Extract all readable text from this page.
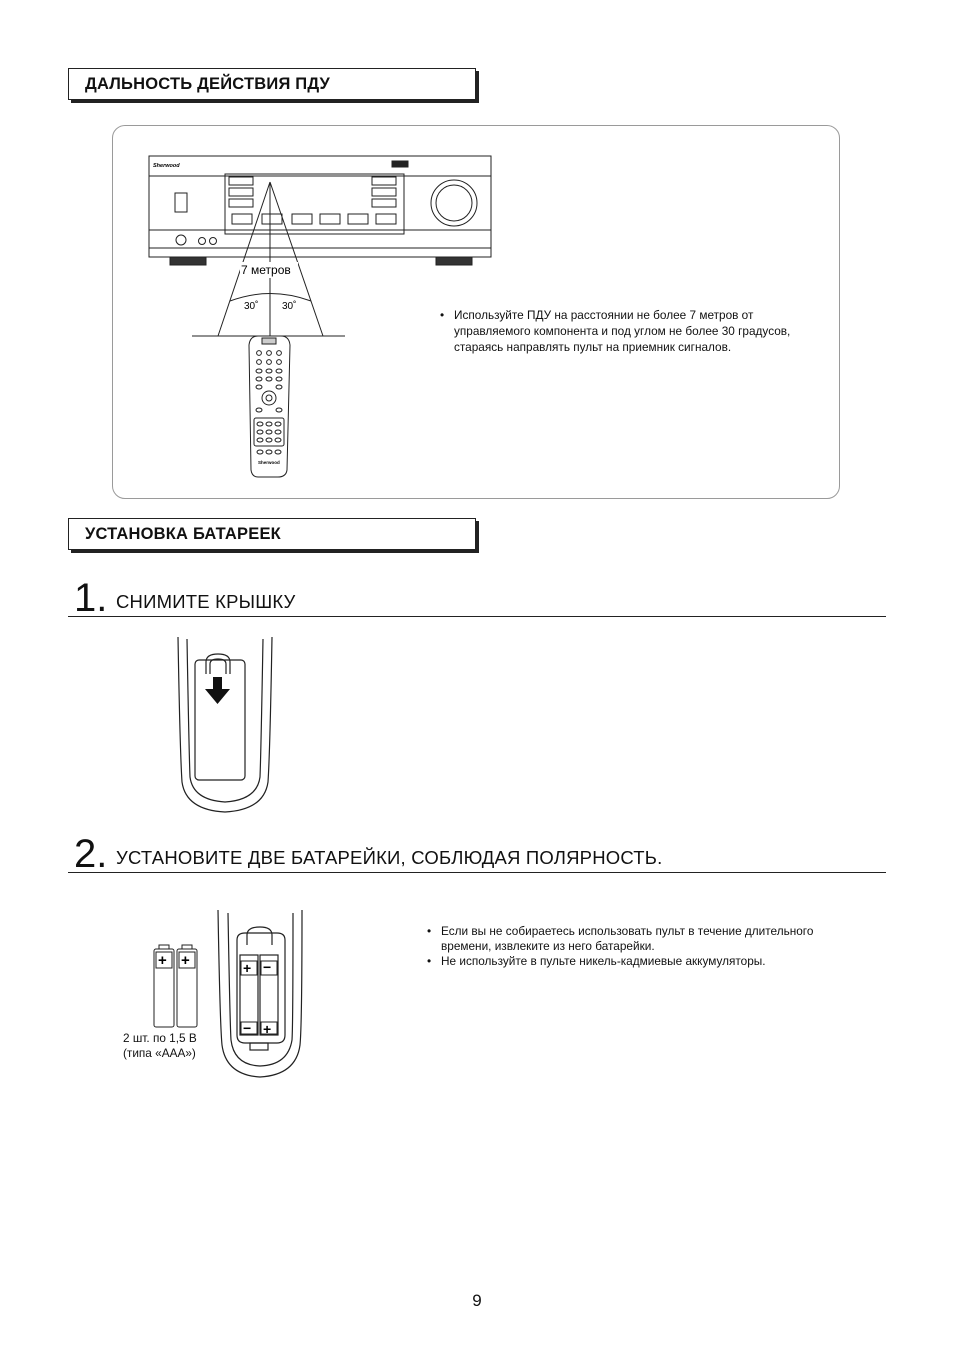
ДАЛЬНОСТЬ ДЕЙСТВИЯ ПДУ
Sherwood
7 метров
30˚ 30˚
Sherwood
• Используйте ПДУ на расстоянии не более 7 метров от управляемого компонента и под углом не более 30 градусов, стараясь направлять пульт на приемник сигналов.
УСТАНОВКА БАТАРЕЕК
1. СНИМИТЕ КРЫШКУ
2. УСТАНОВИТЕ ДВЕ БАТАРЕЙКИ, СОБЛЮДАЯ ПОЛЯРНОСТЬ.
+ +	+ −
− +
2 шт. по 1,5 В
(типа «AAA»)
• Если вы не собираетесь использовать пульт в течение длительного времени, извлеките из него батарейки.
• Не используйте в пульте никель-кадмиевые аккумуляторы.
9
